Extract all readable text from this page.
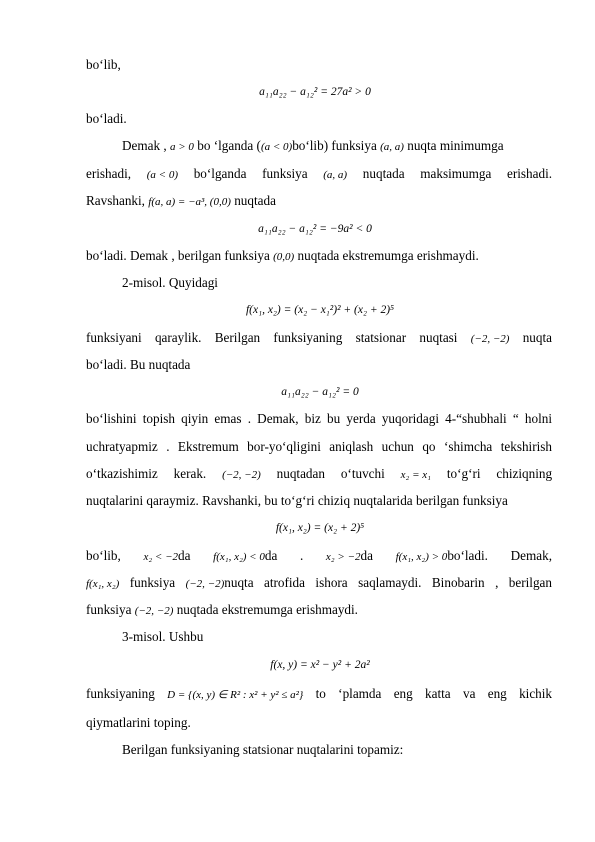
bo‘lib,
a₁₁a₂₂ − a₁₂² = 27a² > 0
bo‘ladi.
Demak , a > 0 bo ‘lganda ((a < 0)bo‘lib) funksiya (a, a) nuqta minimumga
erishadi, (a < 0) bo‘lganda funksiya (a, a) nuqtada maksimumga erishadi.
Ravshanki, f(a, a) = −a³, (0,0) nuqtada
a₁₁a₂₂ − a₁₂² = −9a² < 0
bo‘ladi. Demak , berilgan funksiya (0,0) nuqtada ekstremumga erishmaydi.
2-misol. Quyidagi
f(x₁, x₂) = (x₂ − x₁²)² + (x₂ + 2)⁵
funksiyani qaraylik. Berilgan funksiyaning statsionar nuqtasi (−2, −2) nuqta
bo‘ladi. Bu nuqtada
a₁₁a₂₂ − a₁₂² = 0
bo‘lishini topish qiyin emas . Demak, biz bu yerda yuqoridagi 4-“shubhali “ holni
uchratyapmiz . Ekstremum bor-yo‘qligini aniqlash uchun qo ‘shimcha tekshirish
o‘tkazishimiz kerak. (−2, −2) nuqtadan o‘tuvchi x₂ = x₁ to‘g‘ri chiziqning
nuqtalarini qaraymiz. Ravshanki, bu to‘g‘ri chiziq nuqtalarida berilgan funksiya
f(x₁, x₂) = (x₂ + 2)⁵
bo‘lib, x₂ < −2da f(x₁, x₂) < 0da . x₂ > −2da f(x₁, x₂) > 0bo‘ladi. Demak,
f(x₁, x₂) funksiya (−2, −2)nuqta atrofida ishora saqlamaydi. Binobarin , berilgan
funksiya (−2, −2) nuqtada ekstremumga erishmaydi.
3-misol. Ushbu
f(x, y) = x² − y² + 2a²
funksiyaning D = {(x, y) ∈ R² : x² + y² ≤ a²} to ‘plamda eng katta va eng kichik
qiymatlarini toping.
Berilgan funksiyaning statsionar nuqtalarini topamiz:
